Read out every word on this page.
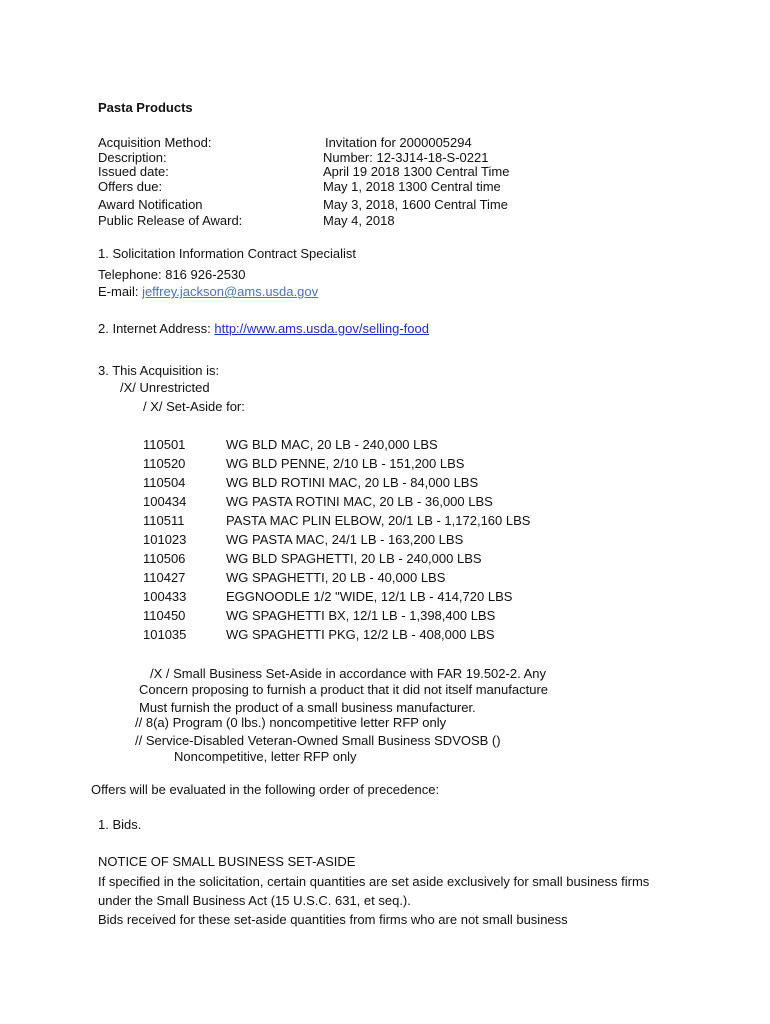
Pasta Products
Acquisition Method:	Invitation for 2000005294
Description:	Number: 12-3J14-18-S-0221
Issued date:	April 19 2018 1300 Central Time
Offers due:	May 1, 2018 1300 Central time
Award Notification	May 3, 2018, 1600 Central Time
Public Release of Award:	May 4, 2018
1. Solicitation Information Contract Specialist
Telephone: 816 926-2530
E-mail: jeffrey.jackson@ams.usda.gov
2. Internet Address: http://www.ams.usda.gov/selling-food
3. This Acquisition is:
/X/ Unrestricted
/ X/ Set-Aside for:
110501	WG BLD MAC, 20 LB - 240,000 LBS
110520	WG BLD PENNE, 2/10 LB - 151,200 LBS
110504	WG BLD ROTINI MAC, 20 LB - 84,000 LBS
100434	WG PASTA ROTINI MAC, 20 LB - 36,000 LBS
110511	PASTA MAC PLIN ELBOW, 20/1 LB - 1,172,160 LBS
101023	WG PASTA MAC, 24/1 LB - 163,200 LBS
110506	WG BLD SPAGHETTI, 20 LB - 240,000 LBS
110427	WG SPAGHETTI, 20 LB - 40,000 LBS
100433	EGGNOODLE 1/2 "WIDE, 12/1 LB - 414,720 LBS
110450	WG SPAGHETTI BX, 12/1 LB - 1,398,400 LBS
101035	WG SPAGHETTI PKG, 12/2 LB - 408,000 LBS
/X / Small Business Set-Aside in accordance with FAR 19.502-2. Any
Concern proposing to furnish a product that it did not itself manufacture
Must furnish the product of a small business manufacturer.
// 8(a) Program (0 lbs.) noncompetitive letter RFP only
// Service-Disabled Veteran-Owned Small Business SDVOSB ()
Noncompetitive, letter RFP only
Offers will be evaluated in the following order of precedence:
1. Bids.
NOTICE OF SMALL BUSINESS SET-ASIDE
If specified in the solicitation, certain quantities are set aside exclusively for small business firms
under the Small Business Act (15 U.S.C. 631, et seq.).
Bids received for these set-aside quantities from firms who are not small business
